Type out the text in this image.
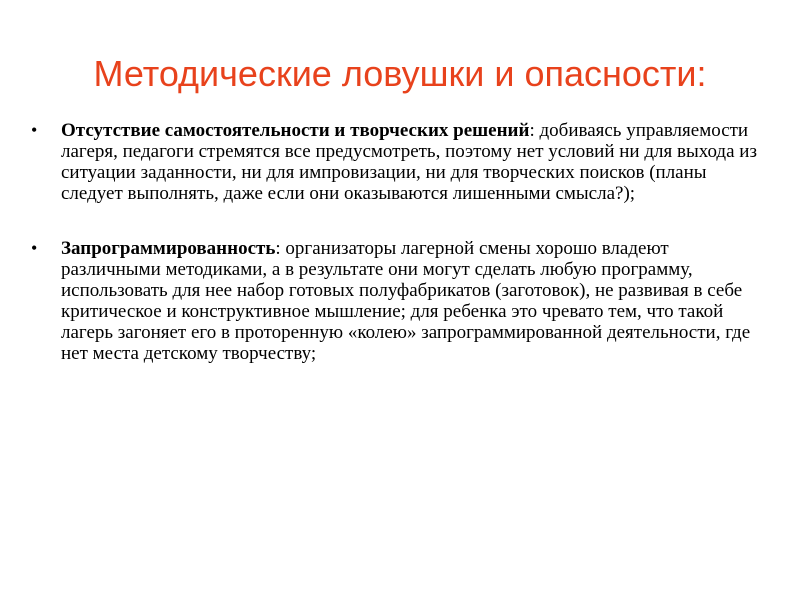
Методические ловушки и опасности:
• Отсутствие самостоятельности и творческих решений: добиваясь управляемости лагеря, педагоги стремятся все предусмотреть, поэтому нет условий ни для выхода из ситуации заданности, ни для импровизации, ни для творческих поисков (планы следует выполнять, даже если они оказываются лишенными смысла?);
• Запрограммированность: организаторы лагерной смены хорошо владеют различными методиками, а в результате они могут сделать любую программу, использовать для нее набор готовых полуфабрикатов (заготовок), не развивая в себе критическое и конструктивное мышление; для ребенка это чревато тем, что такой лагерь загоняет его в проторенную «колею» запрограммированной деятельности, где нет места детскому творчеству;
